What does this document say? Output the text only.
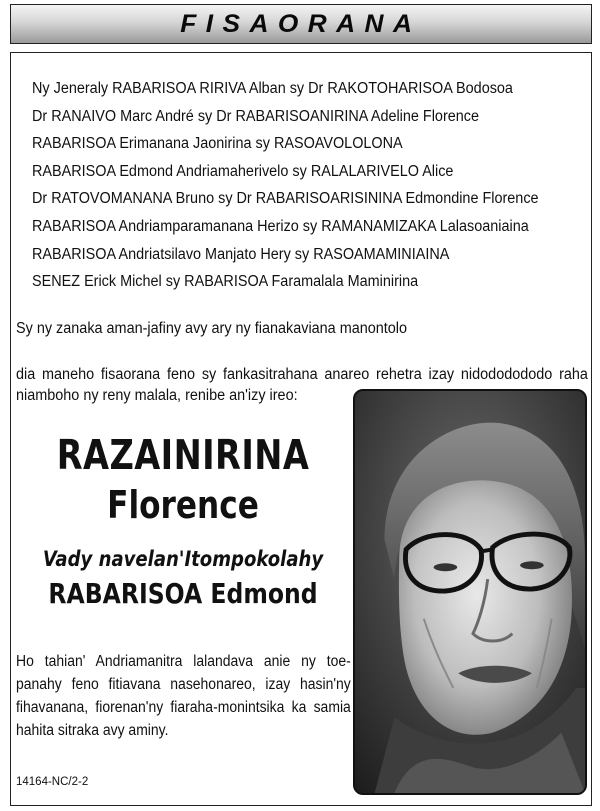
FISAORANA
Ny Jeneraly RABARISOA RIRIVA Alban sy Dr RAKOTOHARISOA Bodosoa
Dr RANAIVO Marc André sy Dr RABARISOANIRINA Adeline Florence
RABARISOA Erimanana Jaonirina sy RASOAVOLOLONA
RABARISOA Edmond Andriamaherivelo sy RALALARIVELO Alice
Dr RATOVOMANANA Bruno sy Dr RABARISOARISININA Edmondine Florence
RABARISOA Andriamparamanana Herizo sy RAMANAMIZAKA Lalasoaniaina
RABARISOA Andriatsilavo Manjato Hery sy RASOAMAMINIAINA
SENEZ Erick Michel sy RABARISOA Faramalala Maminirina
Sy ny zanaka aman-jafiny avy ary ny fianakaviana manontolo
dia maneho fisaorana feno sy fankasitrahana anareo rehetra izay nidododododo raha niamboho ny reny malala, renibe an'izy ireo:
RAZAINIRINA
Florence
Vady navelan'Itompokolahy
RABARISOA Edmond
Ho tahian' Andriamanitra lalandava anie ny toe-panahy feno fitiavana nasehonareo, izay hasin'ny fihavanana, fiorenan'ny fiaraha-monintsika ka samia hahita sitraka avy aminy.
14164-NC/2-2
